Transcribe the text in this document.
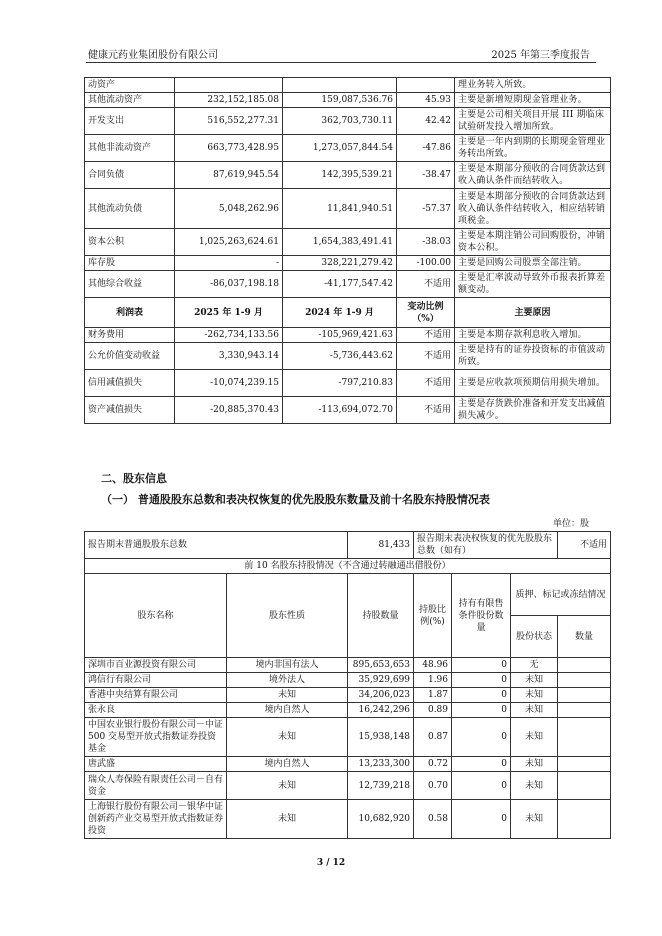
健康元药业集团股份有限公司	2025 年第三季度报告
动资产				理业务转入所致。
其他流动资产	232,152,185.08	159,087,536.76	45.93	主要是新增短期现金管理业务。
开发支出	516,552,277.31	362,703,730.11	42.42	主要是公司相关项目开展 III 期临床试验研发投入增加所致。
其他非流动资产	663,773,428.95	1,273,057,844.54	-47.86	主要是一年内到期的长期现金管理业务转出所致。
合同负债	87,619,945.54	142,395,539.21	-38.47	主要是本期部分预收的合同货款达到收入确认条件而结转收入。
其他流动负债	5,048,262.96	11,841,940.51	-57.37	主要是本期部分预收的合同货款达到收入确认条件结转收入，相应结转销项税金。
资本公积	1,025,263,624.61	1,654,383,491.41	-38.03	主要是本期注销公司回购股份，冲销资本公积。
库存股	-	328,221,279.42	-100.00	主要是回购公司股票全部注销。
其他综合收益	-86,037,198.18	-41,177,547.42	不适用	主要是汇率波动导致外币报表折算差额变动。
利润表	2025 年 1-9 月	2024 年 1-9 月	变动比例（%）	主要原因
财务费用	-262,734,133.56	-105,969,421.63	不适用	主要是本期存款利息收入增加。
公允价值变动收益	3,330,943.14	-5,736,443.62	不适用	主要是持有的证券投资标的市值波动所致。
信用减值损失	-10,074,239.15	-797,210.83	不适用	主要是应收款项预期信用损失增加。
资产减值损失	-20,885,370.43	-113,694,072.70	不适用	主要是存货跌价准备和开发支出减值损失减少。
二、股东信息
（一） 普通股股东总数和表决权恢复的优先股股东数量及前十名股东持股情况表
单位：股
报告期末普通股股东总数		81,433	报告期末表决权恢复的优先股股东总数（如有）			不适用
前 10 名股东持股情况（不含通过转融通出借股份）						
股东名称	股东性质	持股数量	持股比例(%)	持有有限售条件股份数量	质押、标记或冻结情况	
					股份状态	数量
深圳市百业源投资有限公司	境内非国有法人	895,653,653	48.96	0	无	
鸿信行有限公司	境外法人	35,929,699	1.96	0	未知	
香港中央结算有限公司	未知	34,206,023	1.87	0	未知	
张永良	境内自然人	16,242,296	0.89	0	未知	
中国农业银行股份有限公司－中证 500 交易型开放式指数证券投资基金	未知	15,938,148	0.87	0	未知	
唐武盛	境内自然人	13,233,300	0.72	0	未知	
瑞众人寿保险有限责任公司－自有资金	未知	12,739,218	0.70	0	未知	
上海银行股份有限公司－银华中证创新药产业交易型开放式指数证券投资	未知	10,682,920	0.58	0	未知	
3 / 12
